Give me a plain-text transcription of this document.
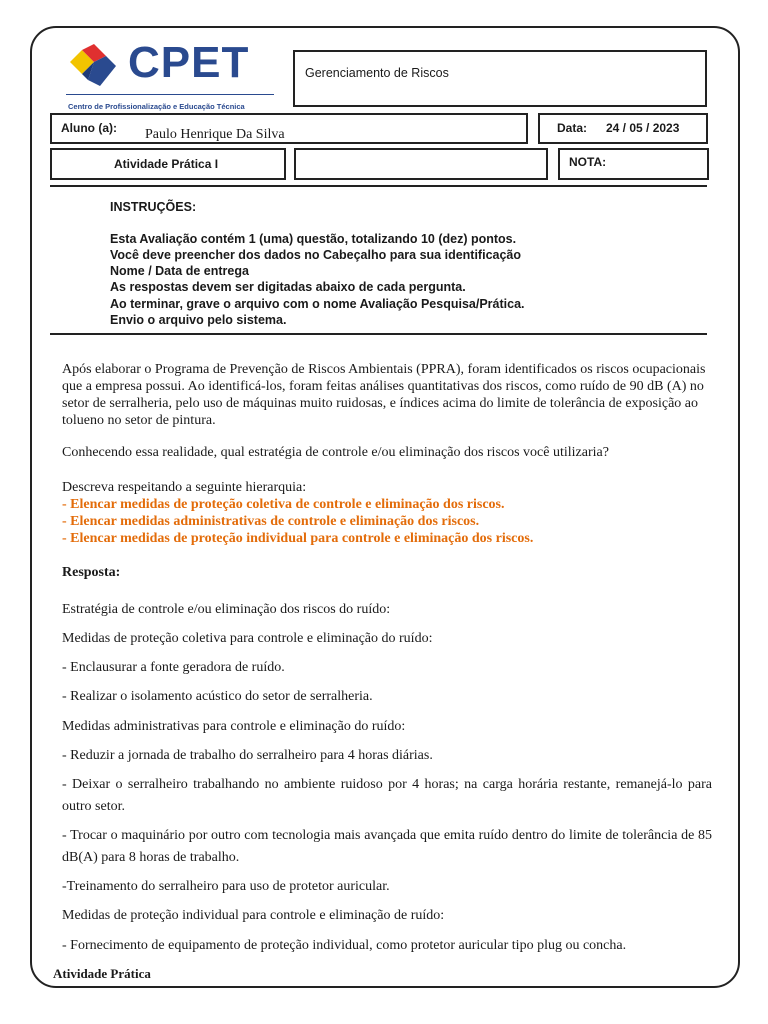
CPET
Centro de Profissionalização e Educação Técnica
Gerenciamento de Riscos
Aluno (a): Paulo Henrique Da Silva	Data: 24 / 05 / 2023
Atividade Prática I	NOTA:
INSTRUÇÕES:
Esta Avaliação contém 1 (uma) questão, totalizando 10 (dez) pontos.
Você deve preencher dos dados no Cabeçalho para sua identificação
Nome / Data de entrega
As respostas devem ser digitadas abaixo de cada pergunta.
Ao terminar, grave o arquivo com o nome Avaliação Pesquisa/Prática.
Envio o arquivo pelo sistema.
Após elaborar o Programa de Prevenção de Riscos Ambientais (PPRA), foram identificados os riscos ocupacionais que a empresa possui. Ao identificá-los, foram feitas análises quantitativas dos riscos, como ruído de 90 dB (A) no setor de serralheria, pelo uso de máquinas muito ruidosas, e índices acima do limite de tolerância de exposição ao tolueno no setor de pintura.
Conhecendo essa realidade, qual estratégia de controle e/ou eliminação dos riscos você utilizaria?
Descreva respeitando a seguinte hierarquia:
- Elencar medidas de proteção coletiva de controle e eliminação dos riscos.
- Elencar medidas administrativas de controle e eliminação dos riscos.
- Elencar medidas de proteção individual para controle e eliminação dos riscos.
Resposta:
Estratégia de controle e/ou eliminação dos riscos do ruído:
Medidas de proteção coletiva para controle e eliminação do ruído:
- Enclausurar a fonte geradora de ruído.
- Realizar o isolamento acústico do setor de serralheria.
Medidas administrativas para controle e eliminação do ruído:
- Reduzir a jornada de trabalho do serralheiro para 4 horas diárias.
- Deixar o serralheiro trabalhando no ambiente ruidoso por 4 horas; na carga horária restante, remanejá-lo para outro setor.
- Trocar o maquinário por outro com tecnologia mais avançada que emita ruído dentro do limite de tolerância de 85 dB(A) para 8 horas de trabalho.
-Treinamento do serralheiro para uso de protetor auricular.
Medidas de proteção individual para controle e eliminação de ruído:
- Fornecimento de equipamento de proteção individual, como protetor auricular tipo plug ou concha.
Atividade Prática
